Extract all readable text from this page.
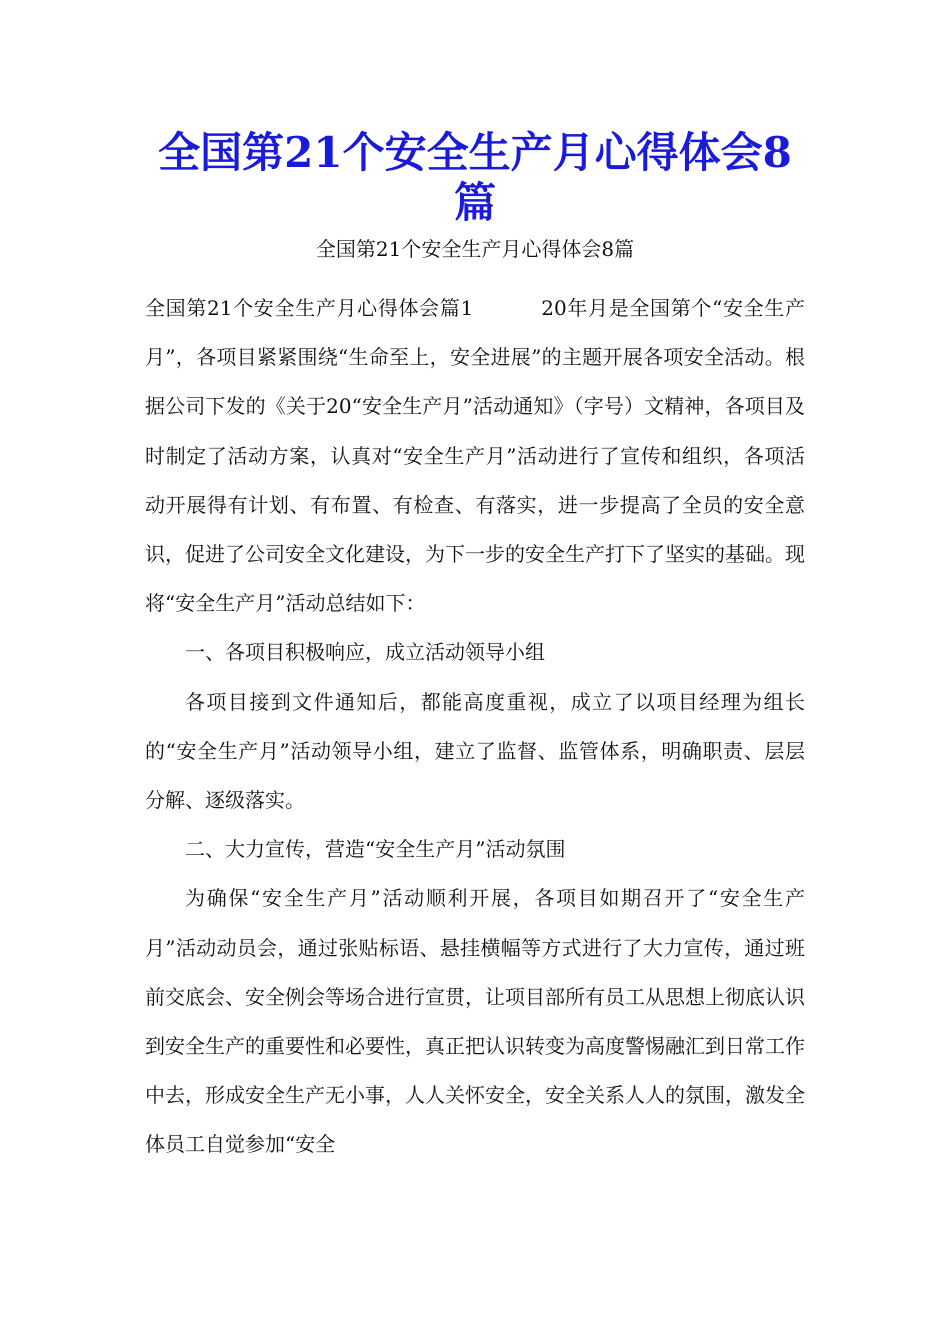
全国第21个安全生产月心得体会8篇

全国第21个安全生产月心得体会8篇

全国第21个安全生产月心得体会篇1	20年月是全国第个“安全生产月”，各项目紧紧围绕“生命至上，安全进展”的主题开展各项安全活动。根据公司下发的《关于20“安全生产月”活动通知》（字号）文精神，各项目及时制定了活动方案，认真对“安全生产月”活动进行了宣传和组织，各项活动开展得有计划、有布置、有检查、有落实，进一步提高了全员的安全意识，促进了公司安全文化建设，为下一步的安全生产打下了坚实的基础。现将“安全生产月”活动总结如下：

一、各项目积极响应，成立活动领导小组

各项目接到文件通知后，都能高度重视，成立了以项目经理为组长的“安全生产月”活动领导小组，建立了监督、监管体系，明确职责、层层分解、逐级落实。

二、大力宣传，营造“安全生产月”活动氛围

为确保“安全生产月”活动顺利开展，各项目如期召开了“安全生产月”活动动员会，通过张贴标语、悬挂横幅等方式进行了大力宣传，通过班前交底会、安全例会等场合进行宣贯，让项目部所有员工从思想上彻底认识到安全生产的重要性和必要性，真正把认识转变为高度警惕融汇到日常工作中去，形成安全生产无小事，人人关怀安全，安全关系人人的氛围，激发全体员工自觉参加“安全
